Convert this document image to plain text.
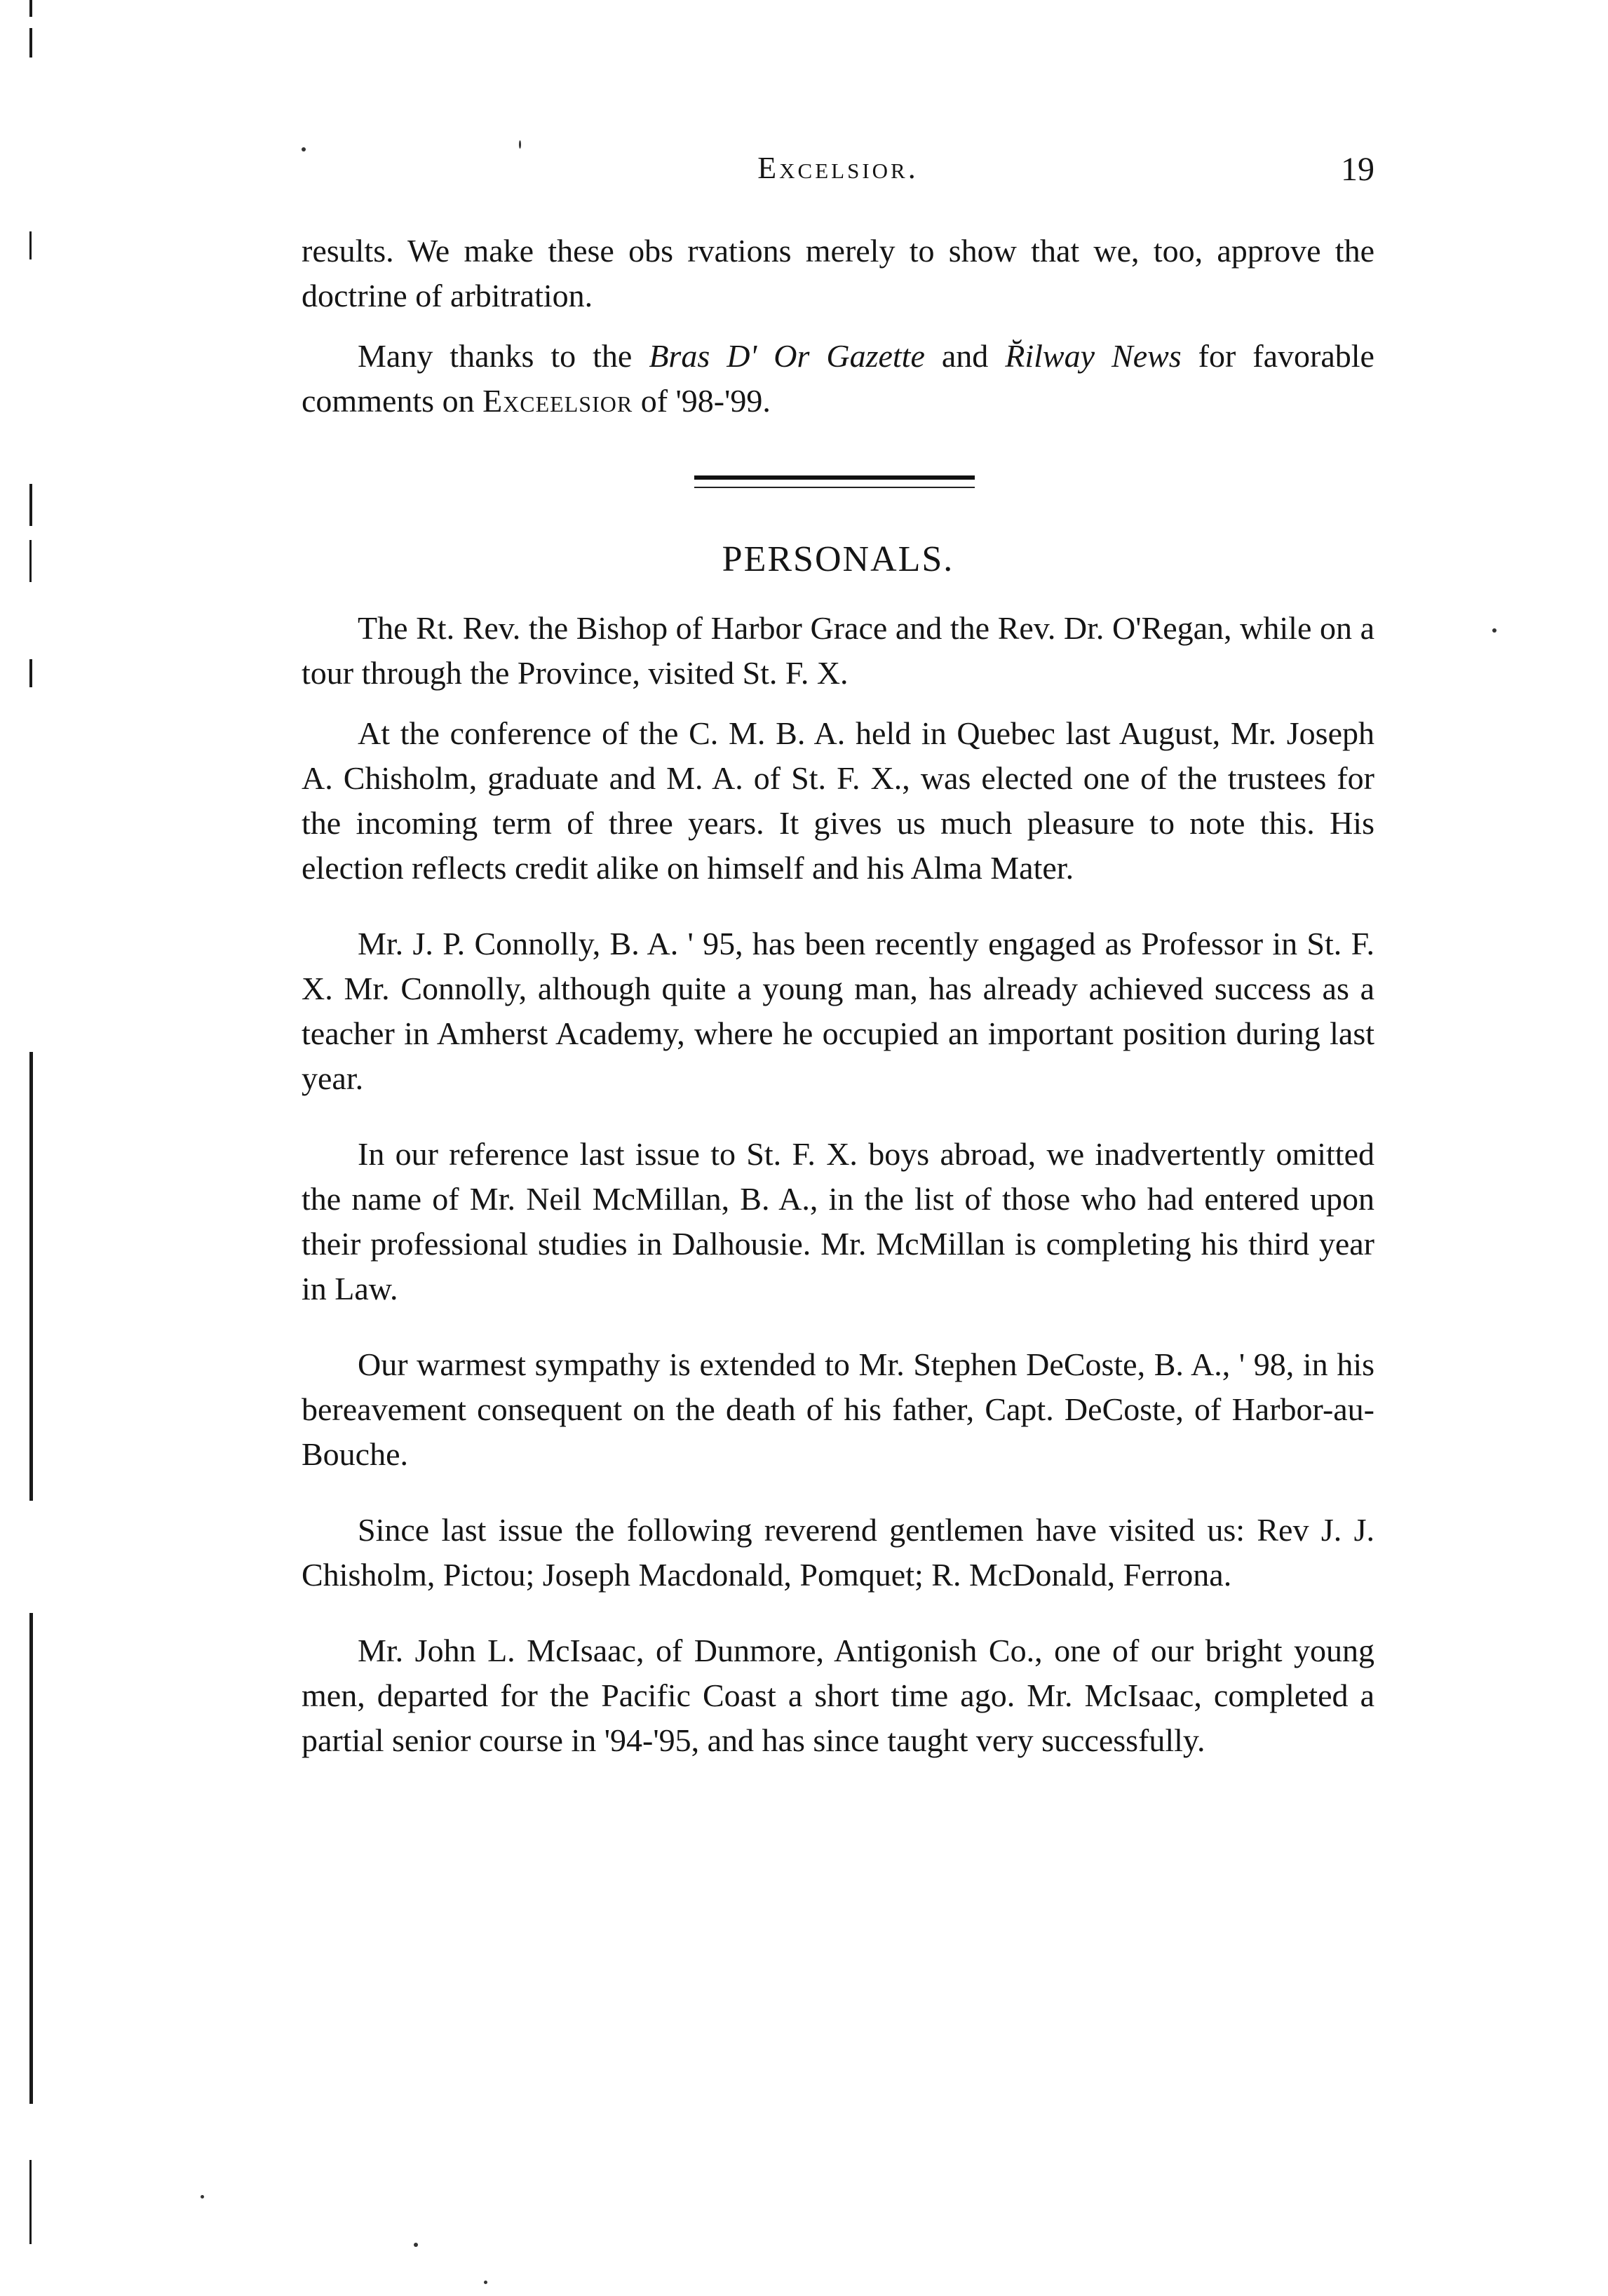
Excelsior.	19

results. We make these obs rvations merely to show that we, too, approve the doctrine of arbitration.

Many thanks to the Bras D' Or Gazette and R̆ilway News for favorable comments on Exceelsior of '98-'99.

PERSONALS.

The Rt. Rev. the Bishop of Harbor Grace and the Rev. Dr. O'Regan, while on a tour through the Province, visited St. F. X.

At the conference of the C. M. B. A. held in Quebec last August, Mr. Joseph A. Chisholm, graduate and M. A. of St. F. X., was elected one of the trustees for the incoming term of three years. It gives us much pleasure to note this. His election reflects credit alike on himself and his Alma Mater.

Mr. J. P. Connolly, B. A. ' 95, has been recently engaged as Professor in St. F. X. Mr. Connolly, although quite a young man, has already achieved success as a teacher in Amherst Academy, where he occupied an important position during last year.

In our reference last issue to St. F. X. boys abroad, we inadvertently omitted the name of Mr. Neil McMillan, B. A., in the list of those who had entered upon their professional studies in Dalhousie. Mr. McMillan is completing his third year in Law.

Our warmest sympathy is extended to Mr. Stephen DeCoste, B. A., ' 98, in his bereavement consequent on the death of his father, Capt. DeCoste, of Harbor-au-Bouche.

Since last issue the following reverend gentlemen have visited us: Rev J. J. Chisholm, Pictou; Joseph Macdonald, Pomquet; R. McDonald, Ferrona.

Mr. John L. McIsaac, of Dunmore, Antigonish Co., one of our bright young men, departed for the Pacific Coast a short time ago. Mr. McIsaac, completed a partial senior course in '94-'95, and has since taught very successfully.
